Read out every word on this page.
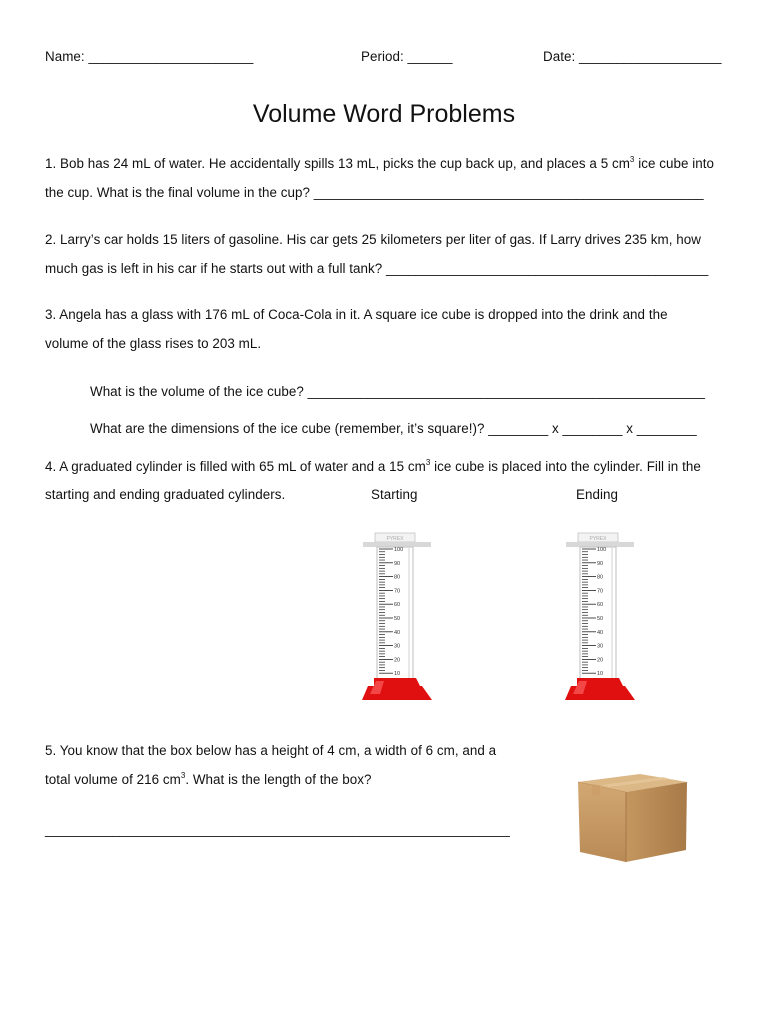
Name: ______________________	Period: ______	Date: ___________________
Volume Word Problems
1. Bob has 24 mL of water. He accidentally spills 13 mL, picks the cup back up, and places a 5 $cm^3$ ice cube into
the cup. What is the final volume in the cup? ____________________________________________________
2. Larry’s car holds 15 liters of gasoline. His car gets 25 kilometers per liter of gas. If Larry drives 235 km, how
much gas is left in his car if he starts out with a full tank? ___________________________________________
3. Angela has a glass with 176 mL of Coca-Cola in it. A square ice cube is dropped into the drink and the
volume of the glass rises to 203 mL.
What is the volume of the ice cube? _____________________________________________________
What are the dimensions of the ice cube (remember, it’s square!)? ________ x ________ x ________
4. A graduated cylinder is filled with 65 mL of water and a 15 $cm^3$ ice cube is placed into the cylinder. Fill in the
starting and ending graduated cylinders.	Starting	Ending
PYREX
100
90
80
70
60
50
40
30
20
10
PYREX
100
90
80
70
60
50
40
30
20
10
5. You know that the box below has a height of 4 cm, a width of 6 cm, and a
total volume of 216 $cm^3$. What is the length of the box?
______________________________________________________________
